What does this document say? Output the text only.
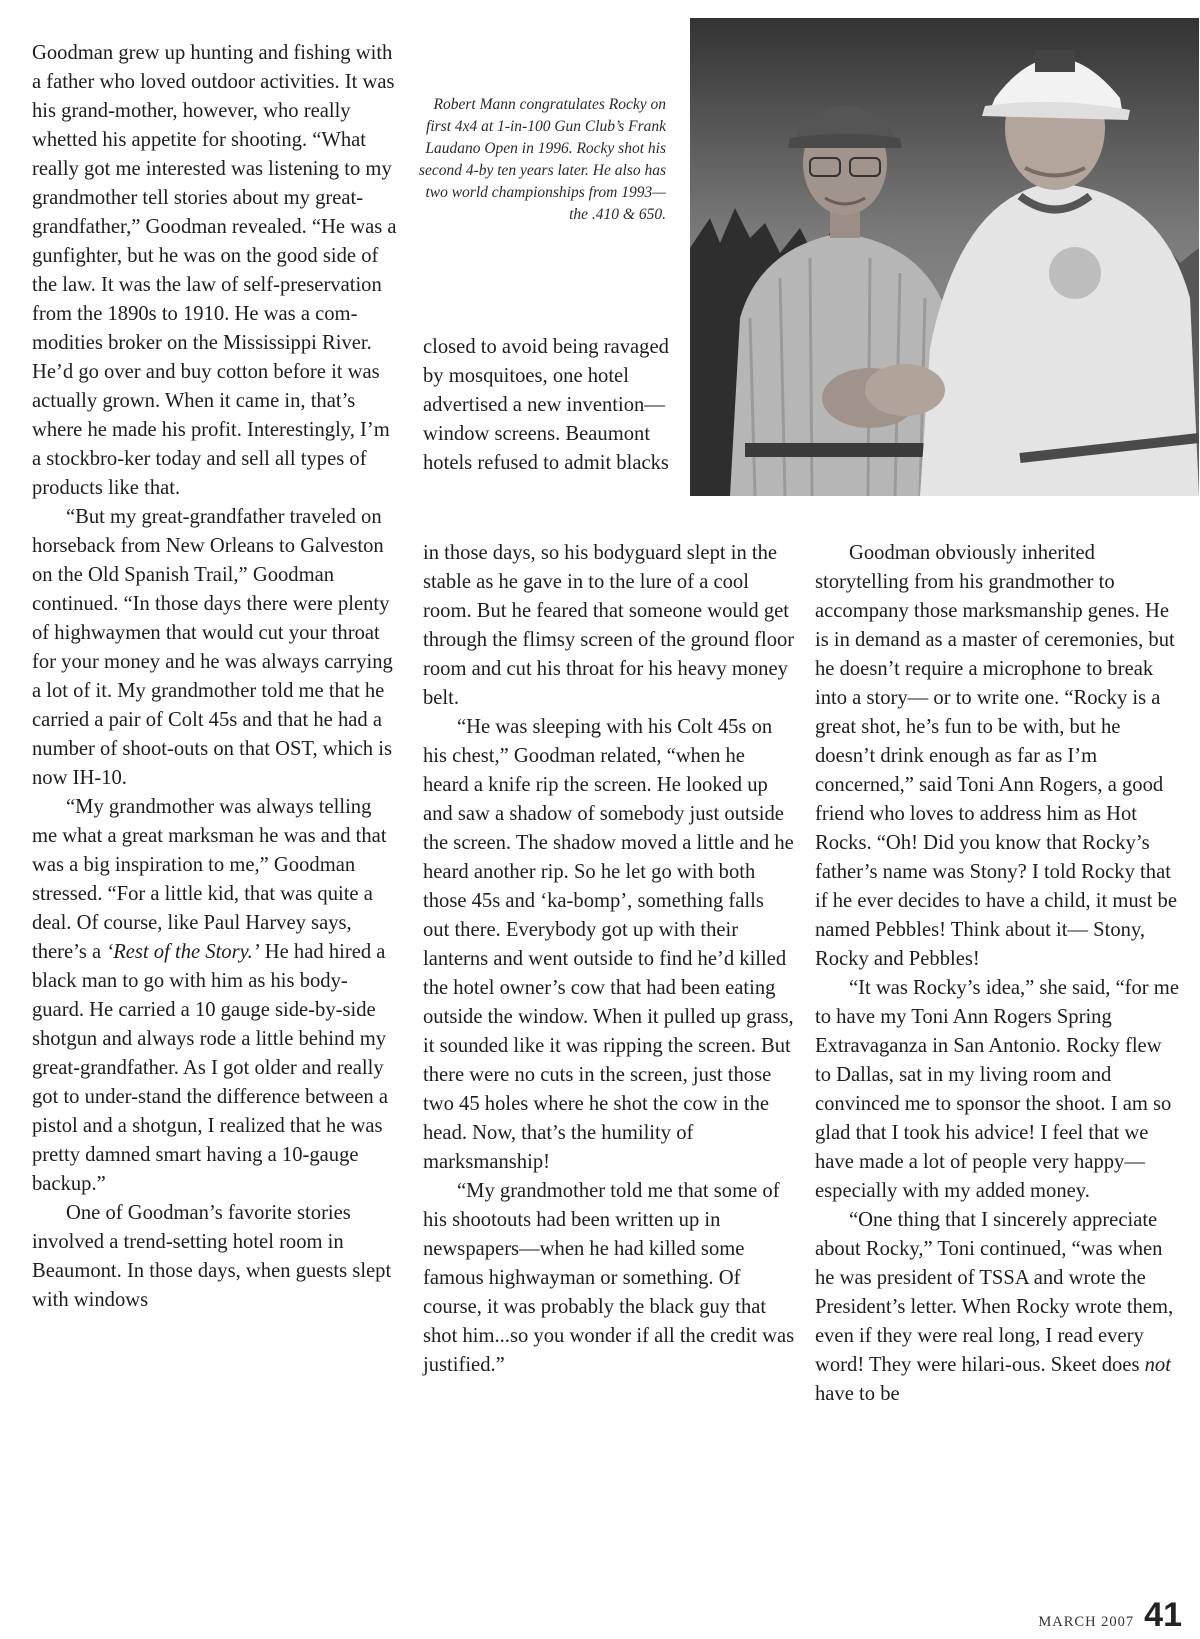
Goodman grew up hunting and fishing with a father who loved outdoor activities. It was his grand-mother, however, who really whetted his appetite for shooting. “What really got me interested was listening to my grandmother tell stories about my great-grandfather,” Goodman revealed. “He was a gunfighter, but he was on the good side of the law. It was the law of self-preservation from the 1890s to 1910. He was a com-modities broker on the Mississippi River. He’d go over and buy cotton before it was actually grown. When it came in, that’s where he made his profit. Interestingly, I’m a stockbro-ker today and sell all types of products like that.

“But my great-grandfather traveled on horseback from New Orleans to Galveston on the Old Spanish Trail,” Goodman continued. “In those days there were plenty of highwaymen that would cut your throat for your money and he was always carrying a lot of it. My grandmother told me that he carried a pair of Colt 45s and that he had a number of shoot-outs on that OST, which is now IH-10.

“My grandmother was always telling me what a great marksman he was and that was a big inspiration to me,” Goodman stressed. “For a little kid, that was quite a deal. Of course, like Paul Harvey says, there’s a ‘Rest of the Story.’ He had hired a black man to go with him as his body-guard. He carried a 10 gauge side-by-side shotgun and always rode a little behind my great-grandfather. As I got older and really got to under-stand the difference between a pistol and a shotgun, I realized that he was pretty damned smart having a 10-gauge backup.”

One of Goodman’s favorite stories involved a trend-setting hotel room in Beaumont. In those days, when guests slept with windows

Robert Mann congratulates Rocky on first 4x4 at 1-in-100 Gun Club’s Frank Laudano Open in 1996. Rocky shot his second 4-by ten years later. He also has two world championships from 1993— the .410 & 650.

closed to avoid being ravaged by mosquitoes, one hotel advertised a new invention— window screens. Beaumont hotels refused to admit blacks

in those days, so his bodyguard slept in the stable as he gave in to the lure of a cool room. But he feared that someone would get through the flimsy screen of the ground floor room and cut his throat for his heavy money belt.

“He was sleeping with his Colt 45s on his chest,” Goodman related, “when he heard a knife rip the screen. He looked up and saw a shadow of somebody just outside the screen. The shadow moved a little and he heard another rip. So he let go with both those 45s and ‘ka-bomp’, something falls out there. Everybody got up with their lanterns and went outside to find he’d killed the hotel owner’s cow that had been eating outside the window. When it pulled up grass, it sounded like it was ripping the screen. But there were no cuts in the screen, just those two 45 holes where he shot the cow in the head. Now, that’s the humility of marksmanship!

“My grandmother told me that some of his shootouts had been written up in newspapers—when he had killed some famous highwayman or something. Of course, it was probably the black guy that shot him...so you wonder if all the credit was justified.”

Goodman obviously inherited storytelling from his grandmother to accompany those marksmanship genes. He is in demand as a master of ceremonies, but he doesn’t require a microphone to break into a story— or to write one. “Rocky is a great shot, he’s fun to be with, but he doesn’t drink enough as far as I’m concerned,” said Toni Ann Rogers, a good friend who loves to address him as Hot Rocks. “Oh! Did you know that Rocky’s father’s name was Stony? I told Rocky that if he ever decides to have a child, it must be named Pebbles! Think about it— Stony, Rocky and Pebbles!

“It was Rocky’s idea,” she said, “for me to have my Toni Ann Rogers Spring Extravaganza in San Antonio. Rocky flew to Dallas, sat in my living room and convinced me to sponsor the shoot. I am so glad that I took his advice! I feel that we have made a lot of people very happy— especially with my added money.

“One thing that I sincerely appreciate about Rocky,” Toni continued, “was when he was president of TSSA and wrote the President’s letter. When Rocky wrote them, even if they were real long, I read every word! They were hilari-ous. Skeet does not have to be

MARCH 2007 41
